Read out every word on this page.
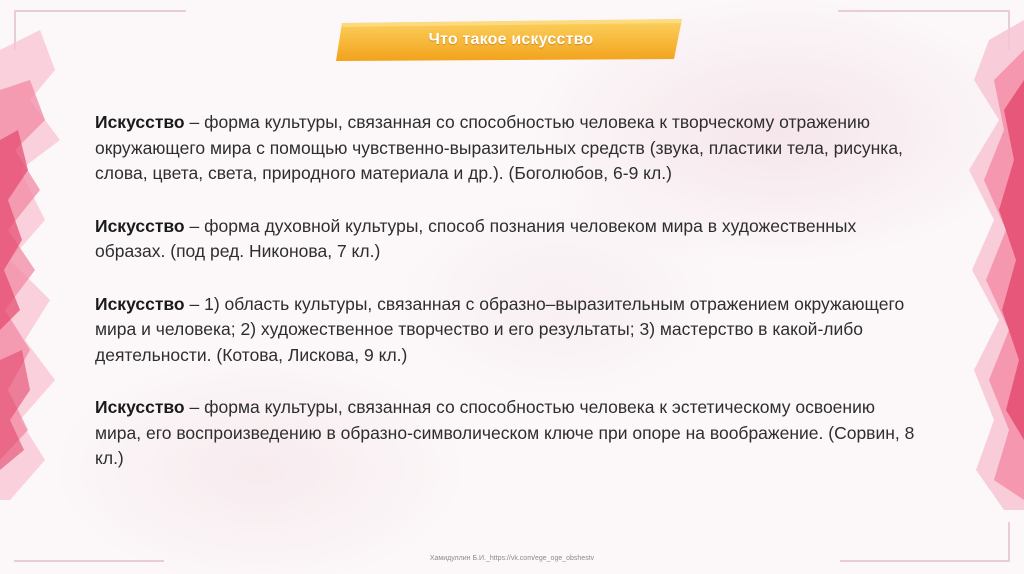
Что такое искусство

Искусство – форма культуры, связанная со способностью человека к творческому отражению окружающего мира с помощью чувственно-выразительных средств (звука, пластики тела, рисунка, слова, цвета, света, природного материала и др.). (Боголюбов, 6-9 кл.)

Искусство – форма духовной культуры, способ познания человеком мира в художественных образах. (под ред. Никонова, 7 кл.)

Искусство – 1) область культуры, связанная с образно–выразительным отражением окружающего мира и человека; 2) художественное творчество и его результаты; 3) мастерство в какой-либо деятельности. (Котова, Лискова, 9 кл.)

Искусство – форма культуры, связанная со способностью человека к эстетическому освоению мира, его воспроизведению в образно-символическом ключе при опоре на воображение. (Сорвин, 8 кл.)

Хамидуллин Б.И._https://vk.com/ege_oge_obshestv
